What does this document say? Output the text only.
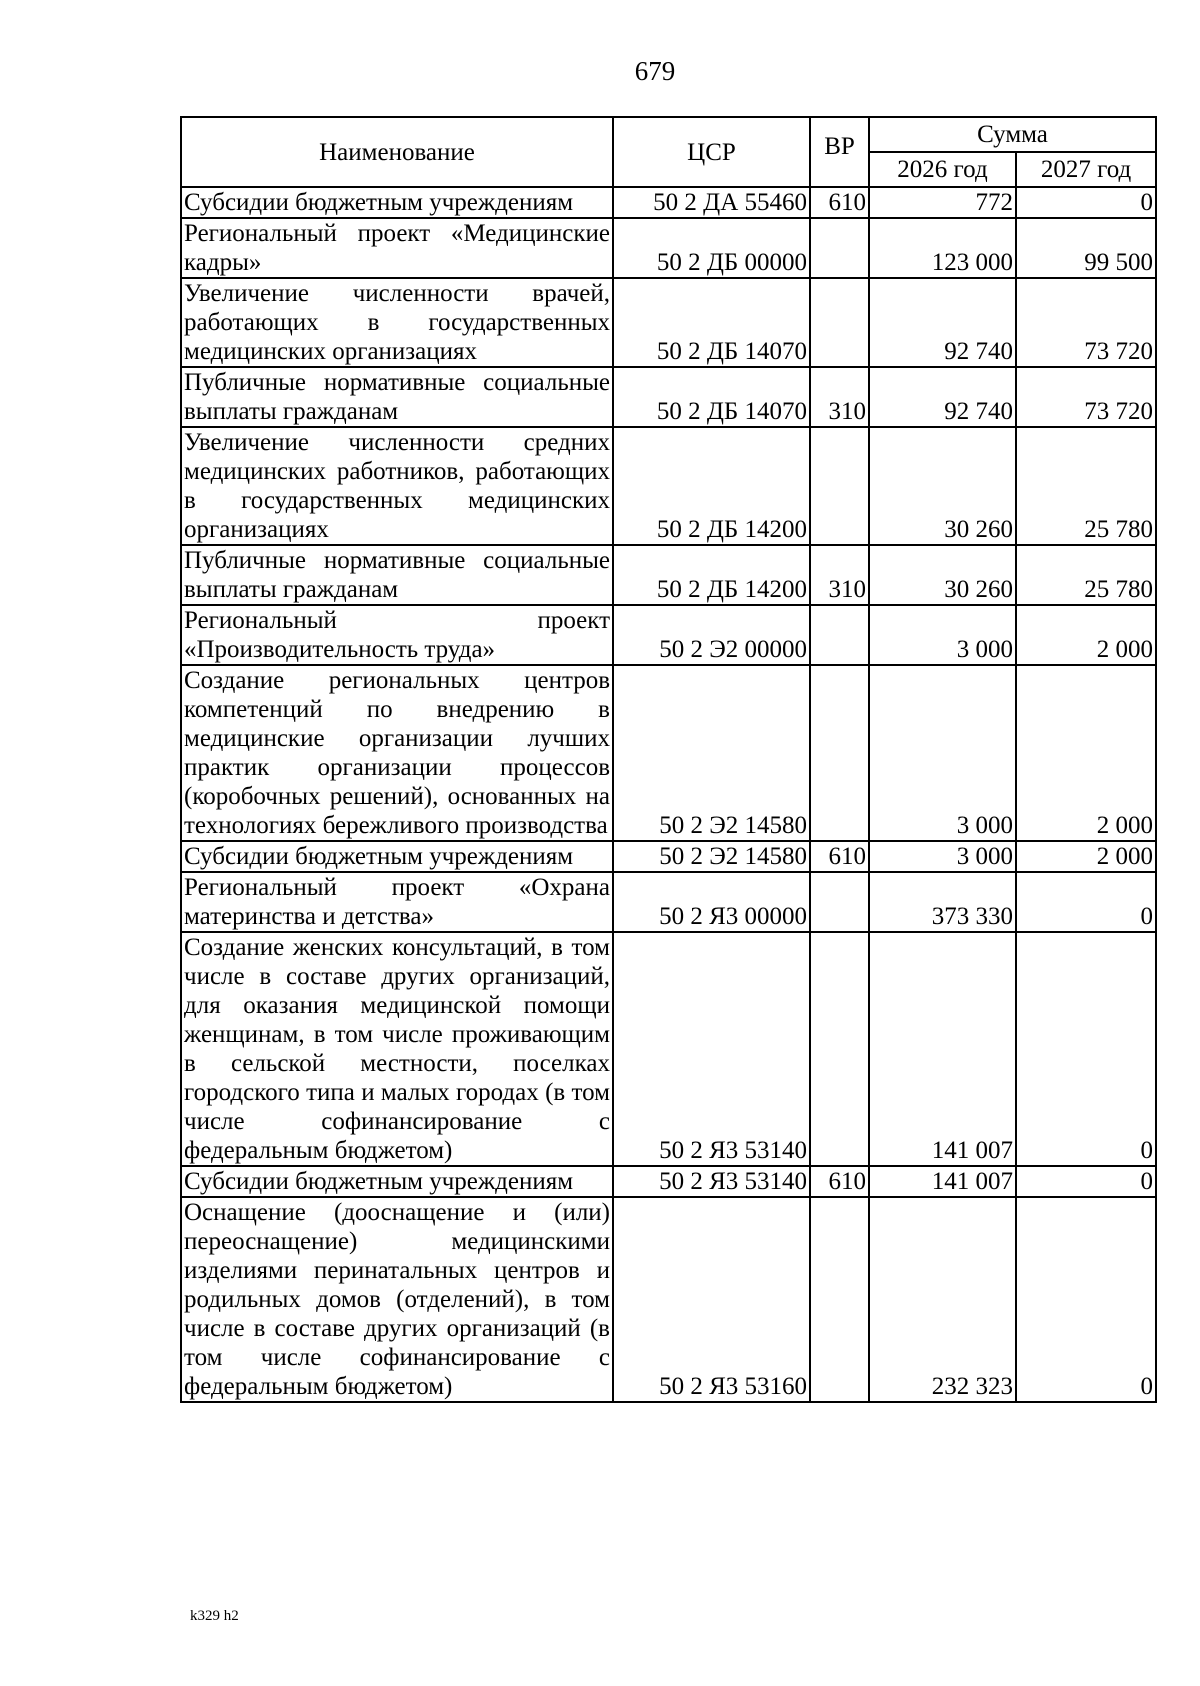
679
Наименование	ЦСР	ВР	Сумма	
			2026 год	2027 год
Субсидии бюджетным учреждениям	50 2 ДА 55460	610	772	0
Региональный проект «Медицинские кадры»	50 2 ДБ 00000		123 000	99 500
Увеличение численности врачей, работающих в государственных медицинских организациях	50 2 ДБ 14070		92 740	73 720
Публичные нормативные социальные выплаты гражданам	50 2 ДБ 14070	310	92 740	73 720
Увеличение численности средних медицинских работников, работающих в государственных медицинских организациях	50 2 ДБ 14200		30 260	25 780
Публичные нормативные социальные выплаты гражданам	50 2 ДБ 14200	310	30 260	25 780
Региональный проект «Производительность труда»	50 2 Э2 00000		3 000	2 000
Создание региональных центров компетенций по внедрению в медицинские организации лучших практик организации процессов (коробочных решений), основанных на технологиях бережливого производства	50 2 Э2 14580		3 000	2 000
Субсидии бюджетным учреждениям	50 2 Э2 14580	610	3 000	2 000
Региональный проект «Охрана материнства и детства»	50 2 Я3 00000		373 330	0
Создание женских консультаций, в том числе в составе других организаций, для оказания медицинской помощи женщинам, в том числе проживающим в сельской местности, поселках городского типа и малых городах (в том числе софинансирование с федеральным бюджетом)	50 2 Я3 53140		141 007	0
Субсидии бюджетным учреждениям	50 2 Я3 53140	610	141 007	0
Оснащение (дооснащение и (или) переоснащение) медицинскими изделиями перинатальных центров и родильных домов (отделений), в том числе в составе других организаций (в том числе софинансирование с федеральным бюджетом)	50 2 Я3 53160		232 323	0
k329 h2
